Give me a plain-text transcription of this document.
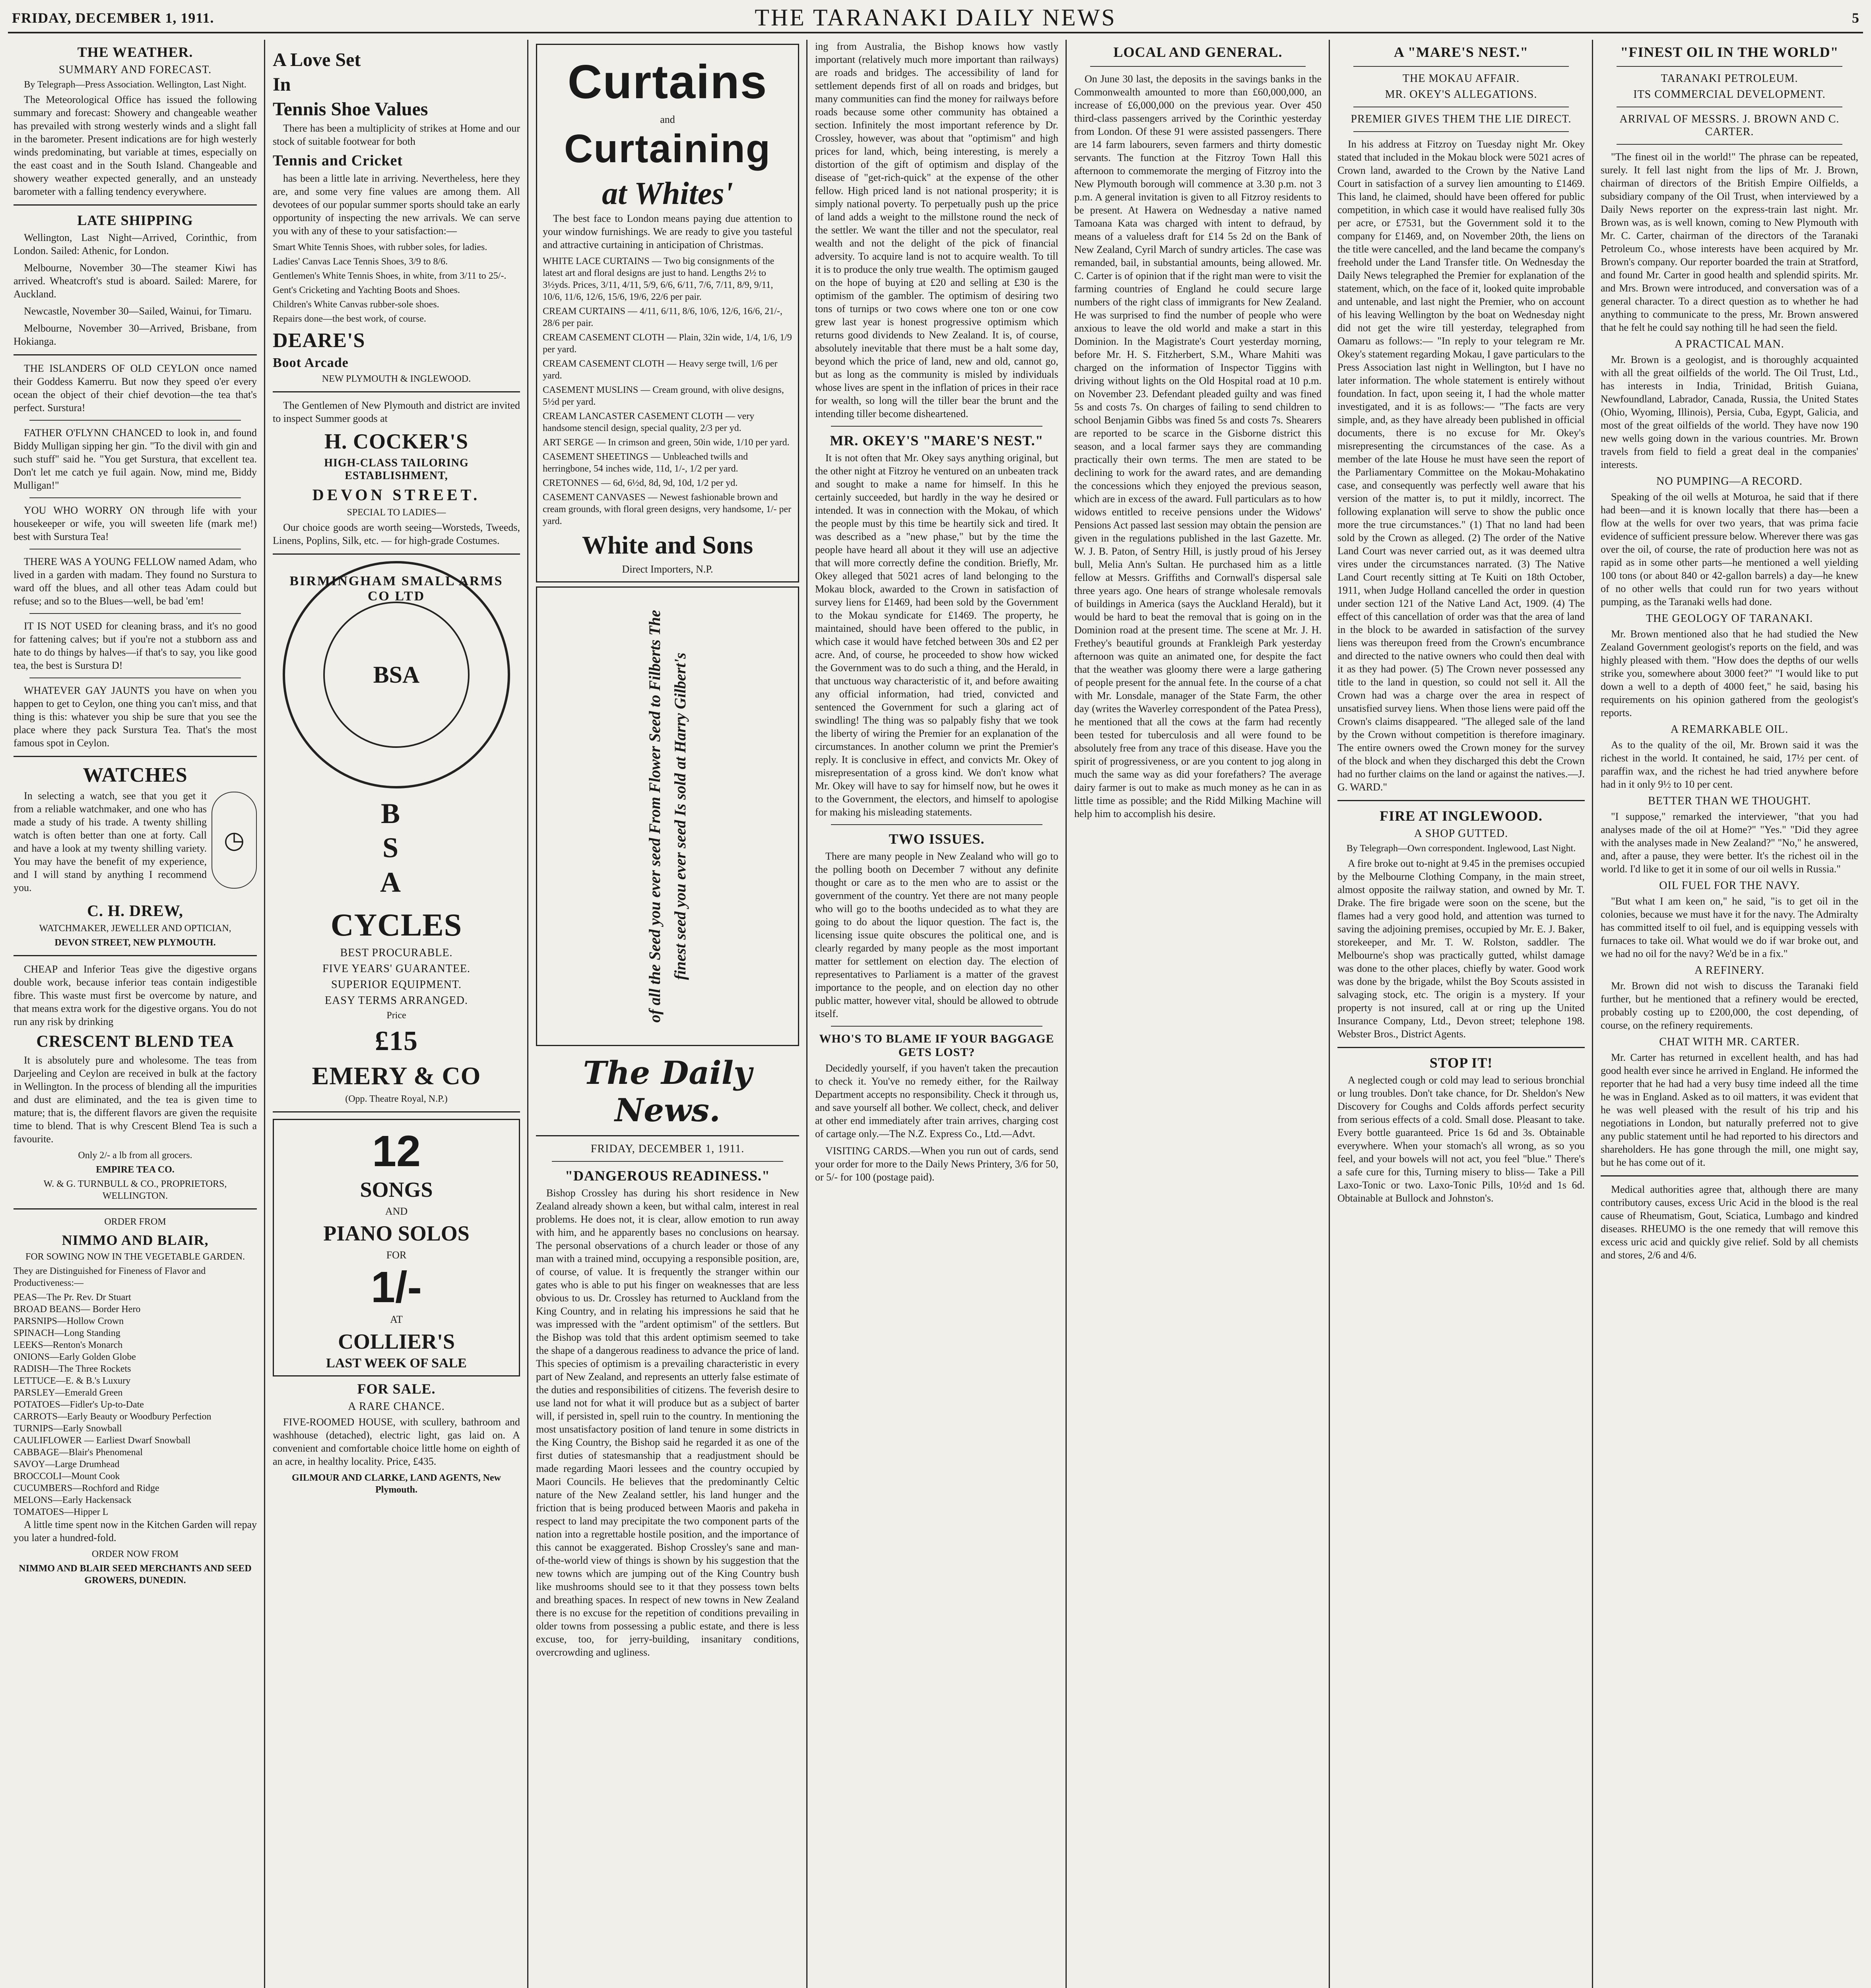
FRIDAY, DECEMBER 1, 1911.	THE TARANAKI DAILY NEWS	5
THE WEATHER.
SUMMARY AND FORECAST.

By Telegraph—Press Association. Wellington, Last Night.

The Meteorological Office has issued the following summary and forecast: Showery and changeable weather has prevailed with strong westerly winds and a slight fall in the barometer. Present indications are for high westerly winds predominating, but variable at times, especially on the east coast and in the South Island. Changeable and showery weather expected generally, and an unsteady barometer with a falling tendency everywhere.

LATE SHIPPING

Wellington, Last Night—Arrived, Corinthic, from London. Sailed: Athenic, for London.

Melbourne, November 30—The steamer Kiwi has arrived. Wheatcroft's stud is aboard. Sailed: Marere, for Auckland.

Newcastle, November 30—Sailed, Wainui, for Timaru.

Melbourne, November 30—Arrived, Brisbane, from Hokianga.

THE ISLANDERS OF OLD CEYLON once named their Goddess Kamerru. But now they speed o'er every ocean the object of their chief devotion—the tea that's perfect. Surstura!

FATHER O'FLYNN CHANCED to look in, and found Biddy Mulligan sipping her gin. "To the divil with gin and such stuff" said he. "You get Surstura, that excellent tea. Don't let me catch ye fuil again. Now, mind me, Biddy Mulligan!"

YOU WHO WORRY ON through life with your housekeeper or wife, you will sweeten life (mark me!) best with Surstura Tea!

THERE WAS A YOUNG FELLOW named Adam, who lived in a garden with madam. They found no Surstura to ward off the blues, and all other teas Adam could but refuse; and so to the Blues—well, be bad 'em!

IT IS NOT USED for cleaning brass, and it's no good for fattening calves; but if you're not a stubborn ass and hate to do things by halves—if that's to say, you like good tea, the best is Surstura D!

WHATEVER GAY JAUNTS you have on when you happen to get to Ceylon, one thing you can't miss, and that thing is this: whatever you ship be sure that you see the place where they pack Surstura Tea. That's the most famous spot in Ceylon.

WATCHES

In selecting a watch, see that you get it from a reliable watchmaker, and one who has made a study of his trade. A twenty shilling watch is often better than one at forty. Call and have a look at my twenty shilling variety. You may have the benefit of my experience, and I will stand by anything I recommend you.

◷
C. H. DREW,

WATCHMAKER, JEWELLER AND OPTICIAN,

DEVON STREET, NEW PLYMOUTH.

CHEAP and Inferior Teas give the digestive organs double work, because inferior teas contain indigestible fibre. This waste must first be overcome by nature, and that means extra work for the digestive organs. You do not run any risk by drinking

CRESCENT BLEND TEA

It is absolutely pure and wholesome. The teas from Darjeeling and Ceylon are received in bulk at the factory in Wellington. In the process of blending all the impurities and dust are eliminated, and the tea is given time to mature; that is, the different flavors are given the requisite time to blend. That is why Crescent Blend Tea is such a favourite.

Only 2/- a lb from all grocers.

EMPIRE TEA CO.

W. & G. TURNBULL & CO., PROPRIETORS, WELLINGTON.

ORDER FROM

NIMMO AND BLAIR,

FOR SOWING NOW IN THE VEGETABLE GARDEN.

They are Distinguished for Fineness of Flavor and Productiveness:—

PEAS—The Pr. Rev. Dr Stuart
BROAD BEANS— Border Hero
PARSNIPS—Hollow Crown
SPINACH—Long Standing
LEEKS—Renton's Monarch
ONIONS—Early Golden Globe
RADISH—The Three Rockets
LETTUCE—E. & B.'s Luxury
PARSLEY—Emerald Green
POTATOES—Fidler's Up-to-Date
CARROTS—Early Beauty or Woodbury Perfection
TURNIPS—Early Snowball
CAULIFLOWER — Earliest Dwarf Snowball
CABBAGE—Blair's Phenomenal
SAVOY—Large Drumhead
BROCCOLI—Mount Cook
CUCUMBERS—Rochford and Ridge
MELONS—Early Hackensack
TOMATOES—Hipper L

A little time spent now in the Kitchen Garden will repay you later a hundred-fold.

ORDER NOW FROM

NIMMO AND BLAIR SEED MERCHANTS AND SEED GROWERS, DUNEDIN.

A Love Set
In
Tennis Shoe Values

There has been a multiplicity of strikes at Home and our stock of suitable footwear for both

Tennis and Cricket

has been a little late in arriving. Nevertheless, here they are, and some very fine values are among them. All devotees of our popular summer sports should take an early opportunity of inspecting the new arrivals. We can serve you with any of these to your satisfaction:—

Smart White Tennis Shoes, with rubber soles, for ladies.

Ladies' Canvas Lace Tennis Shoes, 3/9 to 8/6.

Gentlemen's White Tennis Shoes, in white, from 3/11 to 25/-.

Gent's Cricketing and Yachting Boots and Shoes.

Children's White Canvas rubber-sole shoes.

Repairs done—the best work, of course.

DEARE'S
Boot Arcade

NEW PLYMOUTH & INGLEWOOD.

The Gentlemen of New Plymouth and district are invited to inspect Summer goods at

H. COCKER'S
HIGH-CLASS TAILORING ESTABLISHMENT,
DEVON STREET.

SPECIAL TO LADIES—

Our choice goods are worth seeing—Worsteds, Tweeds, Linens, Poplins, Silk, etc. — for high-grade Costumes.

BIRMINGHAM SMALL ARMS CO LTD
BSA
B
S
A
CYCLES
BEST PROCURABLE.
FIVE YEARS' GUARANTEE.
SUPERIOR EQUIPMENT.
EASY TERMS ARRANGED.

Price

£15
EMERY & CO

(Opp. Theatre Royal, N.P.)

12
SONGS
AND
PIANO SOLOS
FOR
1/-
AT
COLLIER'S
LAST WEEK OF SALE
FOR SALE.
A RARE CHANCE.

FIVE-ROOMED HOUSE, with scullery, bathroom and washhouse (detached), electric light, gas laid on. A convenient and comfortable choice little home on eighth of an acre, in healthy locality. Price, £435.

GILMOUR AND CLARKE, LAND AGENTS, New Plymouth.

Curtains
and
Curtaining
at Whites'

The best face to London means paying due attention to your window furnishings. We are ready to give you tasteful and attractive curtaining in anticipation of Christmas.

WHITE LACE CURTAINS — Two big consignments of the latest art and floral designs are just to hand. Lengths 2½ to 3½yds. Prices, 3/11, 4/11, 5/9, 6/6, 6/11, 7/6, 7/11, 8/9, 9/11, 10/6, 11/6, 12/6, 15/6, 19/6, 22/6 per pair.

CREAM CURTAINS — 4/11, 6/11, 8/6, 10/6, 12/6, 16/6, 21/-, 28/6 per pair.

CREAM CASEMENT CLOTH — Plain, 32in wide, 1/4, 1/6, 1/9 per yard.

CREAM CASEMENT CLOTH — Heavy serge twill, 1/6 per yard.

CASEMENT MUSLINS — Cream ground, with olive designs, 5½d per yard.

CREAM LANCASTER CASEMENT CLOTH — very handsome stencil design, special quality, 2/3 per yd.

ART SERGE — In crimson and green, 50in wide, 1/10 per yard.

CASEMENT SHEETINGS — Unbleached twills and herringbone, 54 inches wide, 11d, 1/-, 1/2 per yard.

CRETONNES — 6d, 6½d, 8d, 9d, 10d, 1/2 per yd.

CASEMENT CANVASES — Newest fashionable brown and cream grounds, with floral green designs, very handsome, 1/- per yard.

White and Sons
Direct Importers, N.P.
of all the Seed you ever seed From Flower Seed to Filberts The finest seed you ever seed Is sold at Harry Gilbert's
The Daily News.
FRIDAY, DECEMBER 1, 1911.
"DANGEROUS READINESS."

Bishop Crossley has during his short residence in New Zealand already shown a keen, but withal calm, interest in real problems. He does not, it is clear, allow emotion to run away with him, and he apparently bases no conclusions on hearsay. The personal observations of a church leader or those of any man with a trained mind, occupying a responsible position, are, of course, of value. It is frequently the stranger within our gates who is able to put his finger on weaknesses that are less obvious to us. Dr. Crossley has returned to Auckland from the King Country, and in relating his impressions he said that he was impressed with the "ardent optimism" of the settlers. But the Bishop was told that this ardent optimism seemed to take the shape of a dangerous readiness to advance the price of land. This species of optimism is a prevailing characteristic in every part of New Zealand, and represents an utterly false estimate of the duties and responsibilities of citizens. The feverish desire to use land not for what it will produce but as a subject of barter will, if persisted in, spell ruin to the country. In mentioning the most unsatisfactory position of land tenure in some districts in the King Country, the Bishop said he regarded it as one of the first duties of statesmanship that a readjustment should be made regarding Maori lessees and the country occupied by Maori Councils. He believes that the predominantly Celtic nature of the New Zealand settler, his land hunger and the friction that is being produced between Maoris and pakeha in respect to land may precipitate the two component parts of the nation into a regrettable hostile position, and the importance of this cannot be exaggerated. Bishop Crossley's sane and man-of-the-world view of things is shown by his suggestion that the new towns which are jumping out of the King Country bush like mushrooms should see to it that they possess town belts and breathing spaces. In respect of new towns in New Zealand there is no excuse for the repetition of conditions prevailing in older towns from possessing a public estate, and there is less excuse, too, for jerry-building, insanitary conditions, overcrowding and ugliness.

ing from Australia, the Bishop knows how vastly important (relatively much more important than railways) are roads and bridges. The accessibility of land for settlement depends first of all on roads and bridges, but many communities can find the money for railways before roads because some other community has obtained a section. Infinitely the most important reference by Dr. Crossley, however, was about that "optimism" and high prices for land, which, being interesting, is merely a distortion of the gift of optimism and display of the disease of "get-rich-quick" at the expense of the other fellow. High priced land is not national prosperity; it is simply national poverty. To perpetually push up the price of land adds a weight to the millstone round the neck of the settler. We want the tiller and not the speculator, real wealth and not the delight of the pick of financial adversity. To acquire land is not to acquire wealth. To till it is to produce the only true wealth. The optimism gauged on the hope of buying at £20 and selling at £30 is the optimism of the gambler. The optimism of desiring two tons of turnips or two cows where one ton or one cow grew last year is honest progressive optimism which returns good dividends to New Zealand. It is, of course, absolutely inevitable that there must be a halt some day, beyond which the price of land, new and old, cannot go, but as long as the community is misled by individuals whose lives are spent in the inflation of prices in their race for wealth, so long will the tiller bear the brunt and the intending tiller become disheartened.

MR. OKEY'S "MARE'S NEST."

It is not often that Mr. Okey says anything original, but the other night at Fitzroy he ventured on an unbeaten track and sought to make a name for himself. In this he certainly succeeded, but hardly in the way he desired or intended. It was in connection with the Mokau, of which the people must by this time be heartily sick and tired. It was described as a "new phase," but by the time the people have heard all about it they will use an adjective that will more correctly define the condition. Briefly, Mr. Okey alleged that 5021 acres of land belonging to the Mokau block, awarded to the Crown in satisfaction of survey liens for £1469, had been sold by the Government to the Mokau syndicate for £1469. The property, he maintained, should have been offered to the public, in which case it would have fetched between 30s and £2 per acre. And, of course, he proceeded to show how wicked the Government was to do such a thing, and the Herald, in that unctuous way characteristic of it, and before awaiting any official information, had tried, convicted and sentenced the Government for such a glaring act of swindling! The thing was so palpably fishy that we took the liberty of wiring the Premier for an explanation of the circumstances. In another column we print the Premier's reply. It is conclusive in effect, and convicts Mr. Okey of misrepresentation of a gross kind. We don't know what Mr. Okey will have to say for himself now, but he owes it to the Government, the electors, and himself to apologise for making his misleading statements.

TWO ISSUES.

There are many people in New Zealand who will go to the polling booth on December 7 without any definite thought or care as to the men who are to assist or the government of the country. Yet there are not many people who will go to the booths undecided as to what they are going to do about the liquor question. The fact is, the licensing issue quite obscures the political one, and is clearly regarded by many people as the most important matter for settlement on election day. The election of representatives to Parliament is a matter of the gravest importance to the people, and on election day no other public matter, however vital, should be allowed to obtrude itself.

WHO'S TO BLAME IF YOUR BAGGAGE GETS LOST?

Decidedly yourself, if you haven't taken the precaution to check it. You've no remedy either, for the Railway Department accepts no responsibility. Check it through us, and save yourself all bother. We collect, check, and deliver at other end immediately after train arrives, charging cost of cartage only.—The N.Z. Express Co., Ltd.—Advt.

VISITING CARDS.—When you run out of cards, send your order for more to the Daily News Printery, 3/6 for 50, or 5/- for 100 (postage paid).

LOCAL AND GENERAL.

On June 30 last, the deposits in the savings banks in the Commonwealth amounted to more than £60,000,000, an increase of £6,000,000 on the previous year. Over 450 third-class passengers arrived by the Corinthic yesterday from London. Of these 91 were assisted passengers. There are 14 farm labourers, seven farmers and thirty domestic servants. The function at the Fitzroy Town Hall this afternoon to commemorate the merging of Fitzroy into the New Plymouth borough will commence at 3.30 p.m. not 3 p.m. A general invitation is given to all Fitzroy residents to be present. At Hawera on Wednesday a native named Tamoana Kata was charged with intent to defraud, by means of a valueless draft for £14 5s 2d on the Bank of New Zealand, Cyril March of sundry articles. The case was remanded, bail, in substantial amounts, being allowed. Mr. C. Carter is of opinion that if the right man were to visit the farming countries of England he could secure large numbers of the right class of immigrants for New Zealand. He was surprised to find the number of people who were anxious to leave the old world and make a start in this Dominion. In the Magistrate's Court yesterday morning, before Mr. H. S. Fitzherbert, S.M., Whare Mahiti was charged on the information of Inspector Tiggins with driving without lights on the Old Hospital road at 10 p.m. on November 23. Defendant pleaded guilty and was fined 5s and costs 7s. On charges of failing to send children to school Benjamin Gibbs was fined 5s and costs 7s. Shearers are reported to be scarce in the Gisborne district this season, and a local farmer says they are commanding practically their own terms. The men are stated to be declining to work for the award rates, and are demanding the concessions which they enjoyed the previous season, which are in excess of the award. Full particulars as to how widows entitled to receive pensions under the Widows' Pensions Act passed last session may obtain the pension are given in the regulations published in the last Gazette. Mr. W. J. B. Paton, of Sentry Hill, is justly proud of his Jersey bull, Melia Ann's Sultan. He purchased him as a little fellow at Messrs. Griffiths and Cornwall's dispersal sale three years ago. One hears of strange wholesale removals of buildings in America (says the Auckland Herald), but it would be hard to beat the removal that is going on in the Dominion road at the present time. The scene at Mr. J. H. Frethey's beautiful grounds at Frankleigh Park yesterday afternoon was quite an animated one, for despite the fact that the weather was gloomy there were a large gathering of people present for the annual fete. In the course of a chat with Mr. Lonsdale, manager of the State Farm, the other day (writes the Waverley correspondent of the Patea Press), he mentioned that all the cows at the farm had recently been tested for tuberculosis and all were found to be absolutely free from any trace of this disease. Have you the spirit of progressiveness, or are you content to jog along in much the same way as did your forefathers? The average dairy farmer is out to make as much money as he can in as little time as possible; and the Ridd Milking Machine will help him to accomplish his desire.

A "MARE'S NEST."
THE MOKAU AFFAIR.
MR. OKEY'S ALLEGATIONS.
PREMIER GIVES THEM THE LIE DIRECT.

In his address at Fitzroy on Tuesday night Mr. Okey stated that included in the Mokau block were 5021 acres of Crown land, awarded to the Crown by the Native Land Court in satisfaction of a survey lien amounting to £1469. This land, he claimed, should have been offered for public competition, in which case it would have realised fully 30s per acre, or £7531, but the Government sold it to the company for £1469, and, on November 20th, the liens on the title were cancelled, and the land became the company's freehold under the Land Transfer title. On Wednesday the Daily News telegraphed the Premier for explanation of the statement, which, on the face of it, looked quite improbable and untenable, and last night the Premier, who on account of his leaving Wellington by the boat on Wednesday night did not get the wire till yesterday, telegraphed from Oamaru as follows:— "In reply to your telegram re Mr. Okey's statement regarding Mokau, I gave particulars to the Press Association last night in Wellington, but I have no later information. The whole statement is entirely without foundation. In fact, upon seeing it, I had the whole matter investigated, and it is as follows:— "The facts are very simple, and, as they have already been published in official documents, there is no excuse for Mr. Okey's misrepresenting the circumstances of the case. As a member of the late House he must have seen the report of the Parliamentary Committee on the Mokau-Mohakatino case, and consequently was perfectly well aware that his version of the matter is, to put it mildly, incorrect. The following explanation will serve to show the public once more the true circumstances." (1) That no land had been sold by the Crown as alleged. (2) The order of the Native Land Court was never carried out, as it was deemed ultra vires under the circumstances narrated. (3) The Native Land Court recently sitting at Te Kuiti on 18th October, 1911, when Judge Holland cancelled the order in question under section 121 of the Native Land Act, 1909. (4) The effect of this cancellation of order was that the area of land in the block to be awarded in satisfaction of the survey liens was thereupon freed from the Crown's encumbrance and directed to the native owners who could then deal with it as they had power. (5) The Crown never possessed any title to the land in question, so could not sell it. All the Crown had was a charge over the area in respect of unsatisfied survey liens. When those liens were paid off the Crown's claims disappeared. "The alleged sale of the land by the Crown without competition is therefore imaginary. The entire owners owed the Crown money for the survey of the block and when they discharged this debt the Crown had no further claims on the land or against the natives.—J. G. WARD."

FIRE AT INGLEWOOD.
A SHOP GUTTED.

By Telegraph—Own correspondent. Inglewood, Last Night.

A fire broke out to-night at 9.45 in the premises occupied by the Melbourne Clothing Company, in the main street, almost opposite the railway station, and owned by Mr. T. Drake. The fire brigade were soon on the scene, but the flames had a very good hold, and attention was turned to saving the adjoining premises, occupied by Mr. E. J. Baker, storekeeper, and Mr. T. W. Rolston, saddler. The Melbourne's shop was practically gutted, whilst damage was done to the other places, chiefly by water. Good work was done by the brigade, whilst the Boy Scouts assisted in salvaging stock, etc. The origin is a mystery. If your property is not insured, call at or ring up the United Insurance Company, Ltd., Devon street; telephone 198. Webster Bros., District Agents.

STOP IT!

A neglected cough or cold may lead to serious bronchial or lung troubles. Don't take chance, for Dr. Sheldon's New Discovery for Coughs and Colds affords perfect security from serious effects of a cold. Small dose. Pleasant to take. Every bottle guaranteed. Price 1s 6d and 3s. Obtainable everywhere. When your stomach's all wrong, as so you feel, and your bowels will not act, you feel "blue." There's a safe cure for this, Turning misery to bliss— Take a Pill Laxo-Tonic or two. Laxo-Tonic Pills, 10½d and 1s 6d. Obtainable at Bullock and Johnston's.

"FINEST OIL IN THE WORLD"
TARANAKI PETROLEUM.
ITS COMMERCIAL DEVELOPMENT.
ARRIVAL OF MESSRS. J. BROWN AND C. CARTER.

"The finest oil in the world!" The phrase can be repeated, surely. It fell last night from the lips of Mr. J. Brown, chairman of directors of the British Empire Oilfields, a subsidiary company of the Oil Trust, when interviewed by a Daily News reporter on the express-train last night. Mr. Brown was, as is well known, coming to New Plymouth with Mr. C. Carter, chairman of the directors of the Taranaki Petroleum Co., whose interests have been acquired by Mr. Brown's company. Our reporter boarded the train at Stratford, and found Mr. Carter in good health and splendid spirits. Mr. and Mrs. Brown were introduced, and conversation was of a general character. To a direct question as to whether he had anything to communicate to the press, Mr. Brown answered that he felt he could say nothing till he had seen the field.

A PRACTICAL MAN.

Mr. Brown is a geologist, and is thoroughly acquainted with all the great oilfields of the world. The Oil Trust, Ltd., has interests in India, Trinidad, British Guiana, Newfoundland, Labrador, Canada, Russia, the United States (Ohio, Wyoming, Illinois), Persia, Cuba, Egypt, Galicia, and most of the great oilfields of the world. They have now 190 new wells going down in the various countries. Mr. Brown travels from field to field a great deal in the companies' interests.

NO PUMPING—A RECORD.

Speaking of the oil wells at Moturoa, he said that if there had been—and it is known locally that there has—been a flow at the wells for over two years, that was prima facie evidence of sufficient pressure below. Wherever there was gas over the oil, of course, the rate of production here was not as rapid as in some other parts—he mentioned a well yielding 100 tons (or about 840 or 42-gallon barrels) a day—he knew of no other wells that could run for two years without pumping, as the Taranaki wells had done.

THE GEOLOGY OF TARANAKI.

Mr. Brown mentioned also that he had studied the New Zealand Government geologist's reports on the field, and was highly pleased with them. "How does the depths of our wells strike you, somewhere about 3000 feet?" "I would like to put down a well to a depth of 4000 feet," he said, basing his requirements on his opinion gathered from the geologist's reports.

A REMARKABLE OIL.

As to the quality of the oil, Mr. Brown said it was the richest in the world. It contained, he said, 17½ per cent. of paraffin wax, and the richest he had tried anywhere before had in it only 9½ to 10 per cent.

BETTER THAN WE THOUGHT.

"I suppose," remarked the interviewer, "that you had analyses made of the oil at Home?" "Yes." "Did they agree with the analyses made in New Zealand?" "No," he answered, and, after a pause, they were better. It's the richest oil in the world. I'd like to get it in some of our oil wells in Russia."

OIL FUEL FOR THE NAVY.

"But what I am keen on," he said, "is to get oil in the colonies, because we must have it for the navy. The Admiralty has committed itself to oil fuel, and is equipping vessels with furnaces to take oil. What would we do if war broke out, and we had no oil for the navy? We'd be in a fix."

A REFINERY.

Mr. Brown did not wish to discuss the Taranaki field further, but he mentioned that a refinery would be erected, probably costing up to £200,000, the cost depending, of course, on the refinery requirements.

CHAT WITH MR. CARTER.

Mr. Carter has returned in excellent health, and has had good health ever since he arrived in England. He informed the reporter that he had had a very busy time indeed all the time he was in England. Asked as to oil matters, it was evident that he was well pleased with the result of his trip and his negotiations in London, but naturally preferred not to give any public statement until he had reported to his directors and shareholders. He has gone through the mill, one might say, but he has come out of it.

Medical authorities agree that, although there are many contributory causes, excess Uric Acid in the blood is the real cause of Rheumatism, Gout, Sciatica, Lumbago and kindred diseases. RHEUMO is the one remedy that will remove this excess uric acid and quickly give relief. Sold by all chemists and stores, 2/6 and 4/6.
